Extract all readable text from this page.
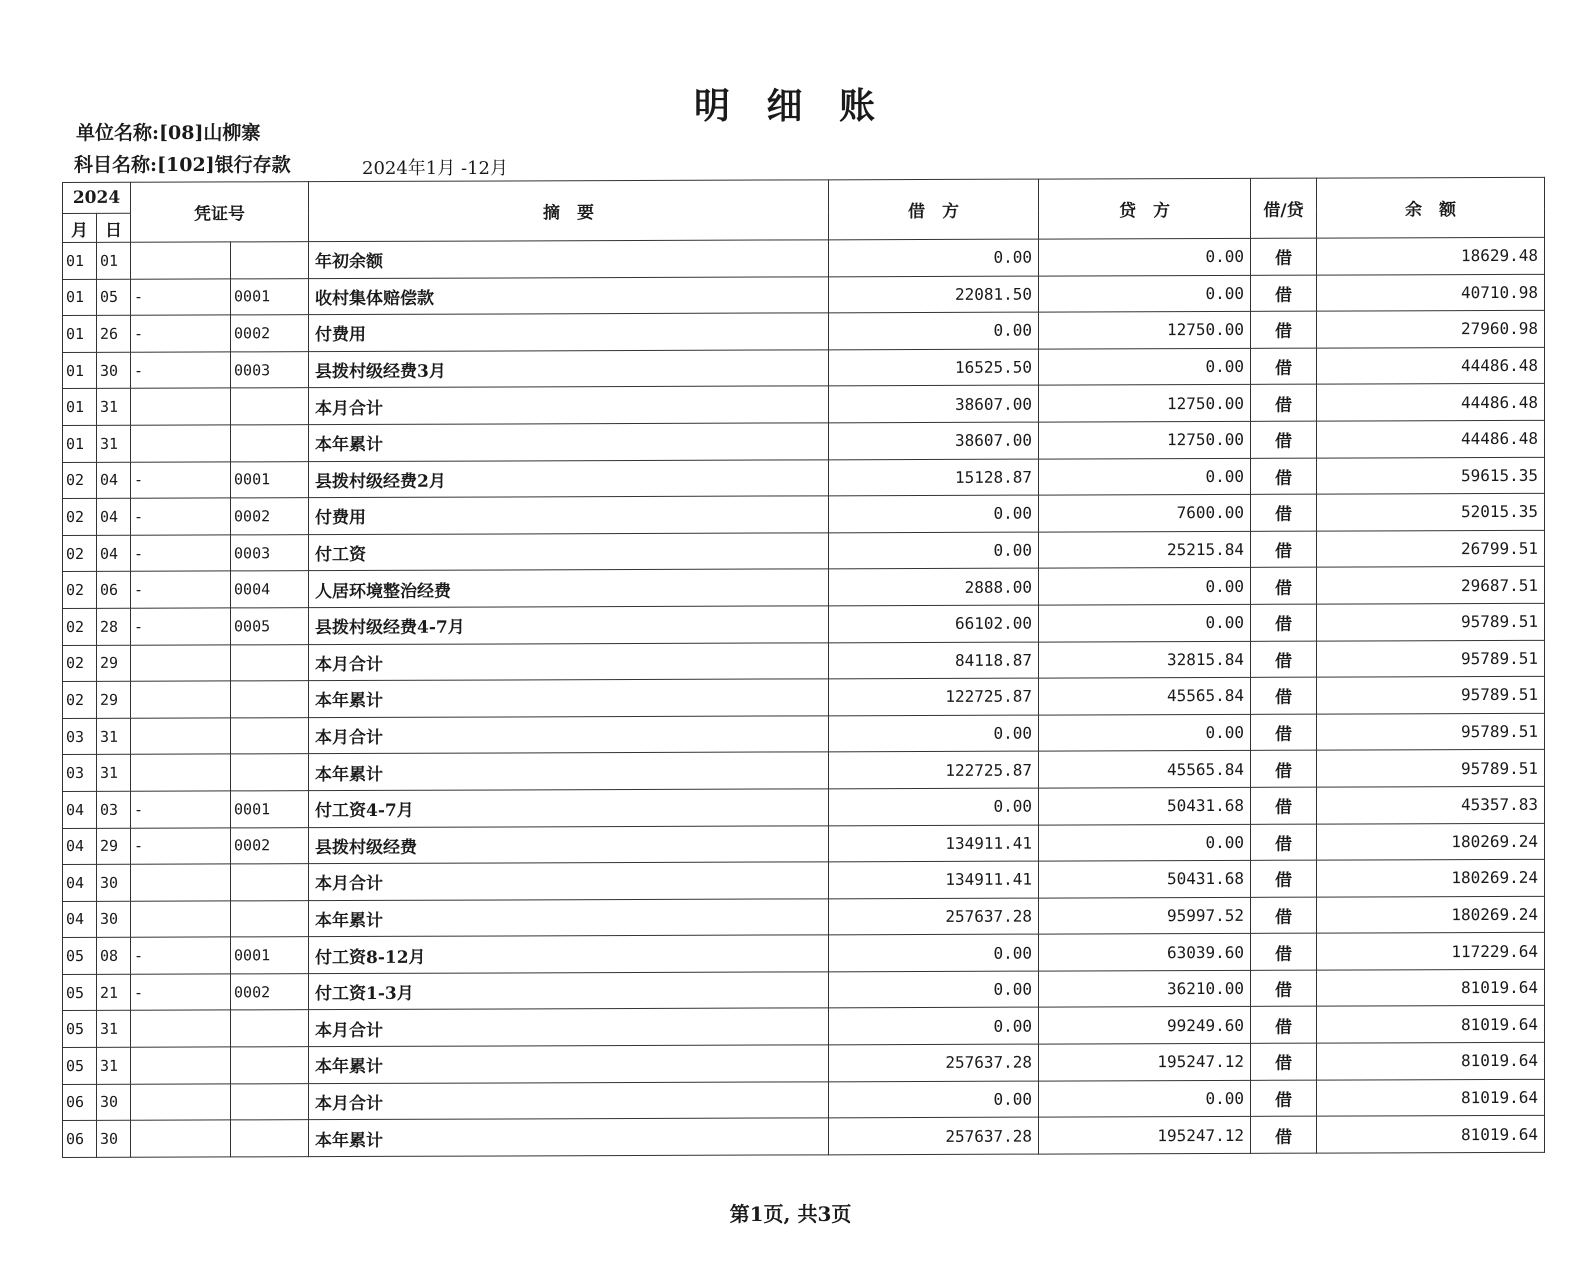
明 细 账
单位名称:[08]山柳寨
科目名称:[102]银行存款	2024年1月 -12月
2024		凭证号		摘　要	借　方	贷　方	借/贷	余　额
月	日							
01	01			年初余额	0.00	0.00	借	18629.48
01	05	-	0001	收村集体赔偿款	22081.50	0.00	借	40710.98
01	26	-	0002	付费用	0.00	12750.00	借	27960.98
01	30	-	0003	县拨村级经费3月	16525.50	0.00	借	44486.48
01	31			本月合计	38607.00	12750.00	借	44486.48
01	31			本年累计	38607.00	12750.00	借	44486.48
02	04	-	0001	县拨村级经费2月	15128.87	0.00	借	59615.35
02	04	-	0002	付费用	0.00	7600.00	借	52015.35
02	04	-	0003	付工资	0.00	25215.84	借	26799.51
02	06	-	0004	人居环境整治经费	2888.00	0.00	借	29687.51
02	28	-	0005	县拨村级经费4-7月	66102.00	0.00	借	95789.51
02	29			本月合计	84118.87	32815.84	借	95789.51
02	29			本年累计	122725.87	45565.84	借	95789.51
03	31			本月合计	0.00	0.00	借	95789.51
03	31			本年累计	122725.87	45565.84	借	95789.51
04	03	-	0001	付工资4-7月	0.00	50431.68	借	45357.83
04	29	-	0002	县拨村级经费	134911.41	0.00	借	180269.24
04	30			本月合计	134911.41	50431.68	借	180269.24
04	30			本年累计	257637.28	95997.52	借	180269.24
05	08	-	0001	付工资8-12月	0.00	63039.60	借	117229.64
05	21	-	0002	付工资1-3月	0.00	36210.00	借	81019.64
05	31			本月合计	0.00	99249.60	借	81019.64
05	31			本年累计	257637.28	195247.12	借	81019.64
06	30			本月合计	0.00	0.00	借	81019.64
06	30			本年累计	257637.28	195247.12	借	81019.64
第1页, 共3页
